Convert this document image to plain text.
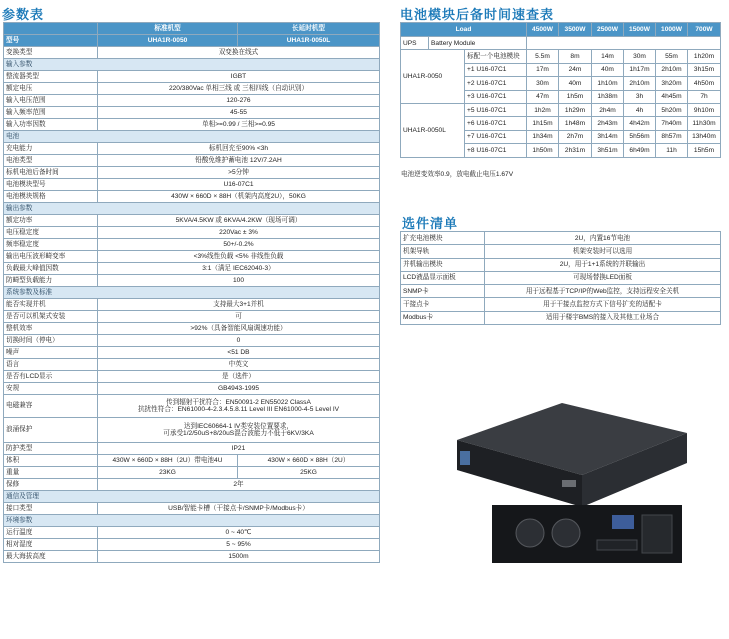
参数表
	标准机型	长延时机型
型号	UHA1R-0050	UHA1R-0050L
变换类型	双变换在线式	
输入参数		
整流器类型	IGBT	
额定电压	220/380Vac 单相三线 或 三相四线（自动识别）	
输入电压范围	120-276	
输入频率范围	45-55	
输入功率因数	单相>=0.99 / 三相>=0.95	
电池		
充电能力	标机回充至90% <3h	
电池类型	铅酸免维护蓄电池 12V/7.2AH	
标机电池后备时间	>5分钟	
电池模块型号	U16-07C1	
电池模块规格	430W × 660D × 88H（机架内高度2U），50KG	
输出参数		
额定功率	5KVA/4.5KW 或 6KVA/4.2KW（现场可调）	
电压稳定度	220Vac ± 3%	
频率稳定度	50+/-0.2%	
输出电压波形畸变率	<3%线性负载 <5% 非线性负载	
负载最大峰值因数	3:1（满足 IEC62040-3）	
防畸型负载能力	100	
系统参数及标准		
能否实现并机	支持最大3+1并机	
是否可以机架式安装	可	
整机效率	>92%（具备智能风扇调速功能）	
切换时间（停电）	0	
噪声	<51 DB	
语言	中英文	
是否有LCD显示	是（选件）	
安规	GB4943-1995	
电磁兼容	传到辐射干扰符合：EN50091-2 EN55022 ClassA
抗扰性符合：EN61000-4-2.3.4.5.8.11 Level III EN61000-4-5 Level IV	

浪涌保护	达到IEC60664-1 IV类安装位置要求，
可承受1/2/50uS+8/20uS混合波能力不低于6KV/3KA	

防护类型	IP21	
体积	430W × 660D × 88H（2U）带电池4U	430W × 660D × 88H（2U）
重量	23KG	25KG
保修	2年	
通信及管理		
接口类型	USB/智能卡槽（干接点卡/SNMP卡/Modbus卡）	
环境参数		
运行温度	0 ~ 40℃	
相对湿度	5 ~ 95%	
最大海拔高度	1500m	
电池模块后备时间速查表
Load			4500W	3500W	2500W	1500W	1000W	700W
UPS	Battery Module							
UHA1R-0050		标配一个电池模块	5.5m	8m	14m	30m	55m	1h20m
		+1 U16-07C1	17m	24m	40m	1h17m	2h10m	3h15m
		+2 U16-07C1	30m	40m	1h10m	2h10m	3h20m	4h50m
		+3 U16-07C1	47m	1h5m	1h38m	3h	4h45m	7h
UHA1R-0050L		+5 U16-07C1	1h2m	1h29m	2h4m	4h	5h20m	9h10m
		+6 U16-07C1	1h15m	1h48m	2h43m	4h42m	7h40m	11h30m
		+7 U16-07C1	1h34m	2h7m	3h14m	5h56m	8h57m	13h40m
		+8 U16-07C1	1h50m	2h31m	3h51m	6h49m	11h	15h5m
电池逆变效率0.9，放电截止电压1.67V
选件清单
扩充电池模块	2U，内置16节电池
机架导轨	机架安装时可以选用
并机输出模块	2U，用于1+1系统的并联输出
LCD液晶显示面板	可现场替换LED面板
SNMP卡	用于远程基于TCP/IP的Web监控，支持远程安全关机
干接点卡	用于干接点监控方式下信号扩充的适配卡
Modbus卡	适用于楼宇BMS的接入及其他工业场合
